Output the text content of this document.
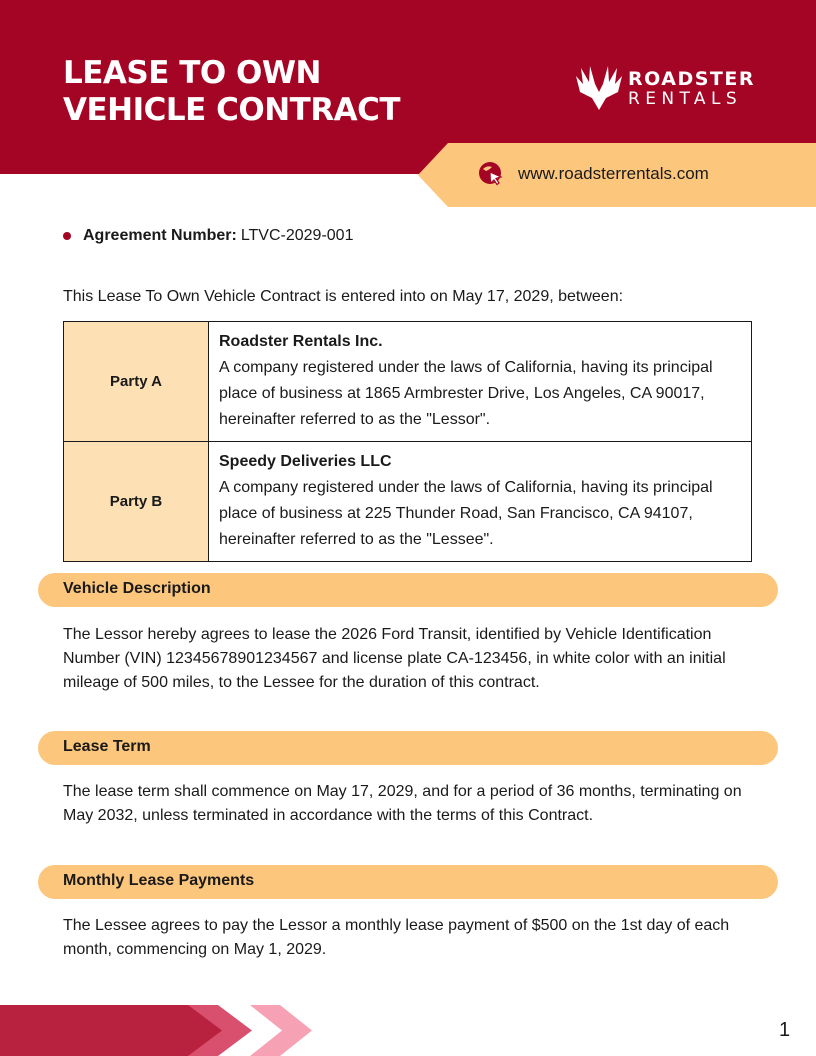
LEASE TO OWN
VEHICLE CONTRACT
ROADSTER
RENTALS
www.roadsterrentals.com
Agreement Number: LTVC-2029-001
This Lease To Own Vehicle Contract is entered into on May 17, 2029, between:
Party A	Roadster Rentals Inc.
A company registered under the laws of California, having its principal place of business at 1865 Armbrester Drive, Los Angeles, CA 90017, hereinafter referred to as the "Lessor".

Party B	Speedy Deliveries LLC
A company registered under the laws of California, having its principal place of business at 225 Thunder Road, San Francisco, CA 94107, hereinafter referred to as the "Lessee".
Vehicle Description
The Lessor hereby agrees to lease the 2026 Ford Transit, identified by Vehicle Identification Number (VIN) 12345678901234567 and license plate CA-123456, in white color with an initial mileage of 500 miles, to the Lessee for the duration of this contract.
Lease Term
The lease term shall commence on May 17, 2029, and for a period of 36 months, terminating on May 2032, unless terminated in accordance with the terms of this Contract.
Monthly Lease Payments
The Lessee agrees to pay the Lessor a monthly lease payment of $500 on the 1st day of each month, commencing on May 1, 2029.
1
